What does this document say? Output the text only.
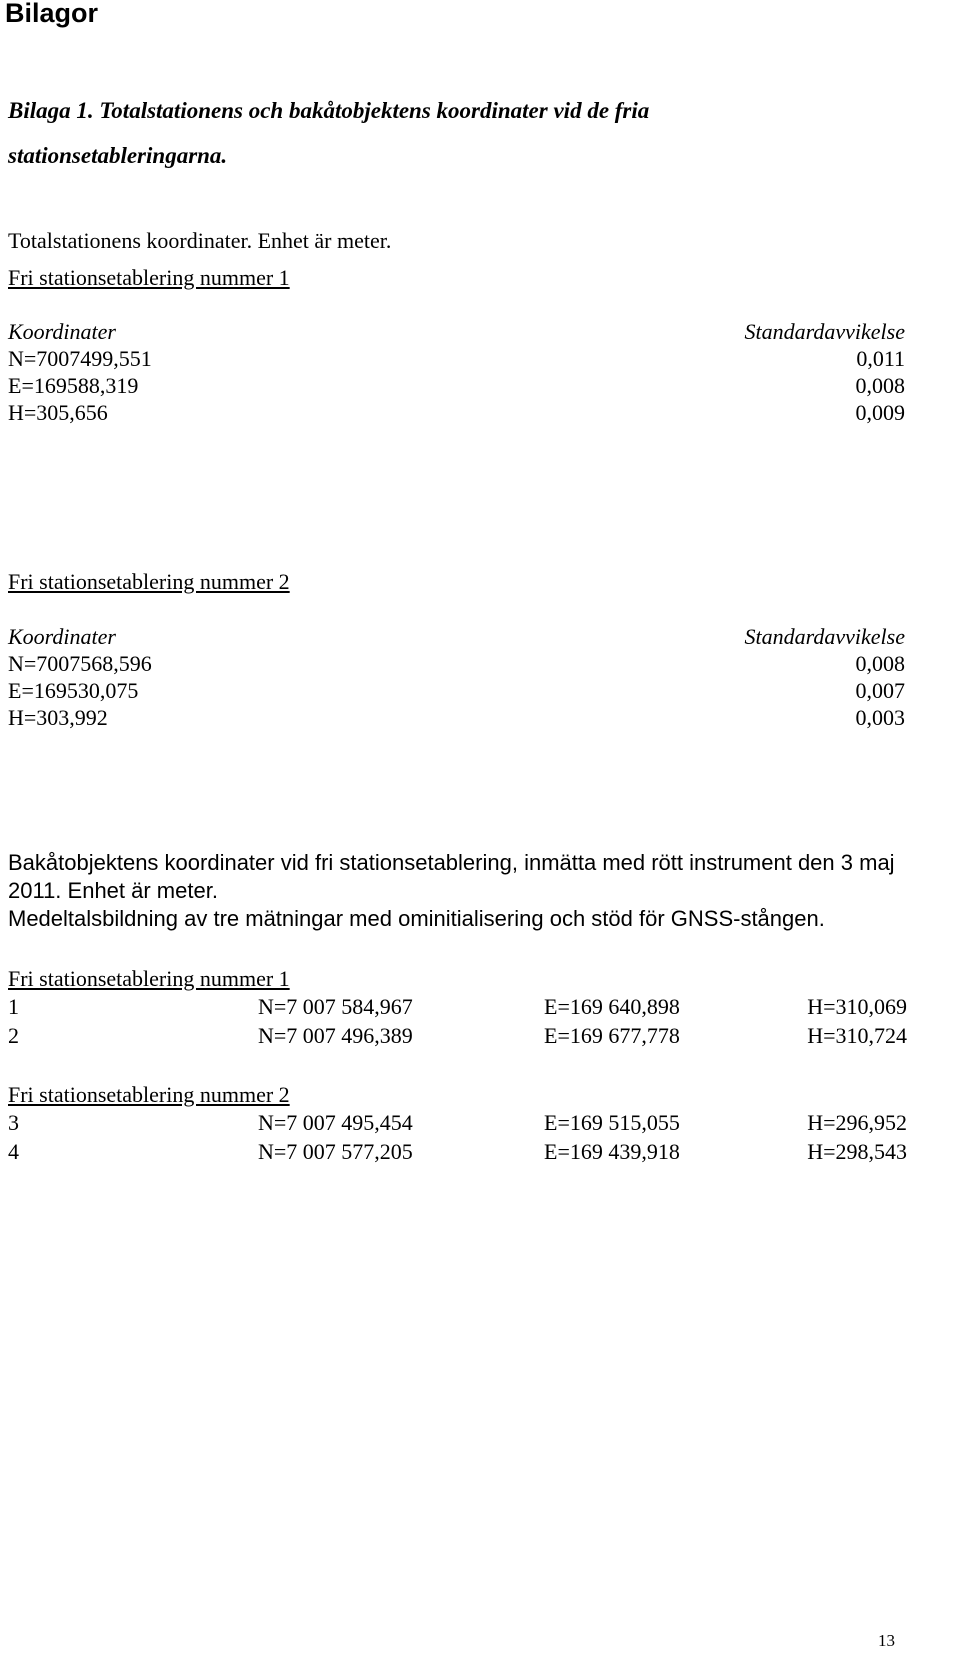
Bilagor
Bilaga 1. Totalstationens och bakåtobjektens koordinater vid de fria
stationsetableringarna.
Totalstationens koordinater. Enhet är meter.
Fri stationsetablering nummer 1
Koordinater	Standardavvikelse
N=7007499,551	0,011
E=169588,319	0,008
H=305,656	0,009
Fri stationsetablering nummer 2
Koordinater	Standardavvikelse
N=7007568,596	0,008
E=169530,075	0,007
H=303,992	0,003
Bakåtobjektens koordinater vid fri stationsetablering, inmätta med rött instrument den 3 maj
2011. Enhet är meter.
Medeltalsbildning av tre mätningar med ominitialisering och stöd för GNSS-stången.
Fri stationsetablering nummer 1
1	N=7 007 584,967	E=169 640,898	H=310,069
2	N=7 007 496,389	E=169 677,778	H=310,724
Fri stationsetablering nummer 2
3	N=7 007 495,454	E=169 515,055	H=296,952
4	N=7 007 577,205	E=169 439,918	H=298,543
13
